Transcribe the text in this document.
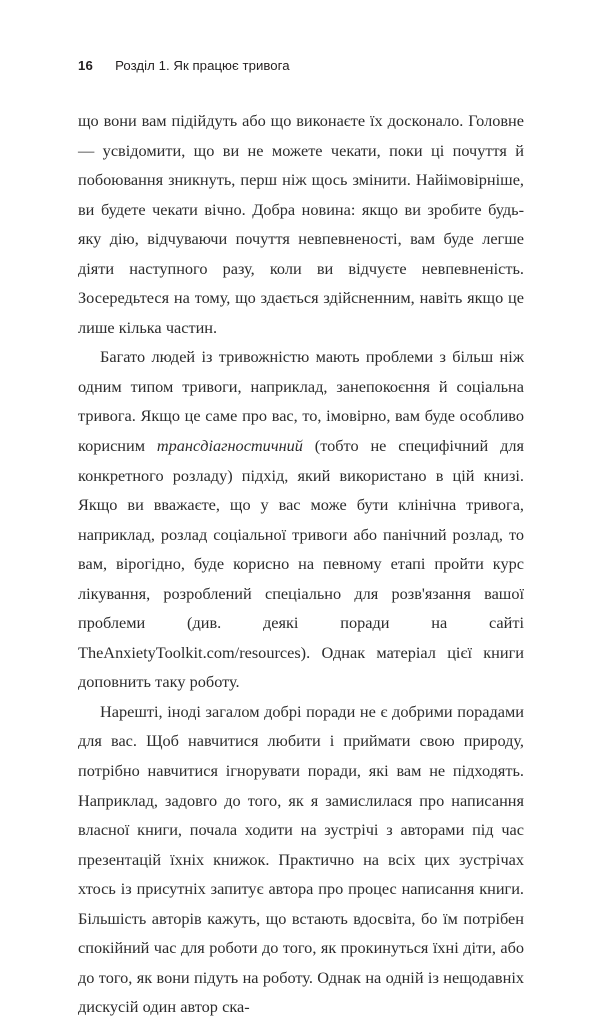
16 Розділ 1. Як працює тривога

що вони вам підійдуть або що виконаєте їх досконало. Головне — усвідомити, що ви не можете чекати, поки ці почуття й побоювання зникнуть, перш ніж щось змінити. Найімовірніше, ви будете чекати вічно. Добра новина: якщо ви зробите будь-яку дію, відчуваючи почуття невпевненості, вам буде легше діяти наступного разу, коли ви відчуєте невпевненість. Зосередьтеся на тому, що здається здійсненним, навіть якщо це лише кілька частин.

Багато людей із тривожністю мають проблеми з більш ніж одним типом тривоги, наприклад, занепокоєння й соціальна тривога. Якщо це саме про вас, то, імовірно, вам буде особливо корисним трансдіагностичний (тобто не специфічний для конкретного розладу) підхід, який використано в цій книзі. Якщо ви вважаєте, що у вас може бути клінічна тривога, наприклад, розлад соціальної тривоги або панічний розлад, то вам, вірогідно, буде корисно на певному етапі пройти курс лікування, розроблений спеціально для розв'язання вашої проблеми (див. деякі поради на сайті TheAnxietyToolkit.com/resources). Однак матеріал цієї книги доповнить таку роботу.

Нарешті, іноді загалом добрі поради не є добрими порадами для вас. Щоб навчитися любити і приймати свою природу, потрібно навчитися ігнорувати поради, які вам не підходять. Наприклад, задовго до того, як я замислилася про написання власної книги, почала ходити на зустрічі з авторами під час презентацій їхніх книжок. Практично на всіх цих зустрічах хтось із присутніх запитує автора про процес написання книги. Більшість авторів кажуть, що встають вдосвіта, бо їм потрібен спокійний час для роботи до того, як прокинуться їхні діти, або до того, як вони підуть на роботу. Однак на одній із нещодавніх дискусій один автор ска-
